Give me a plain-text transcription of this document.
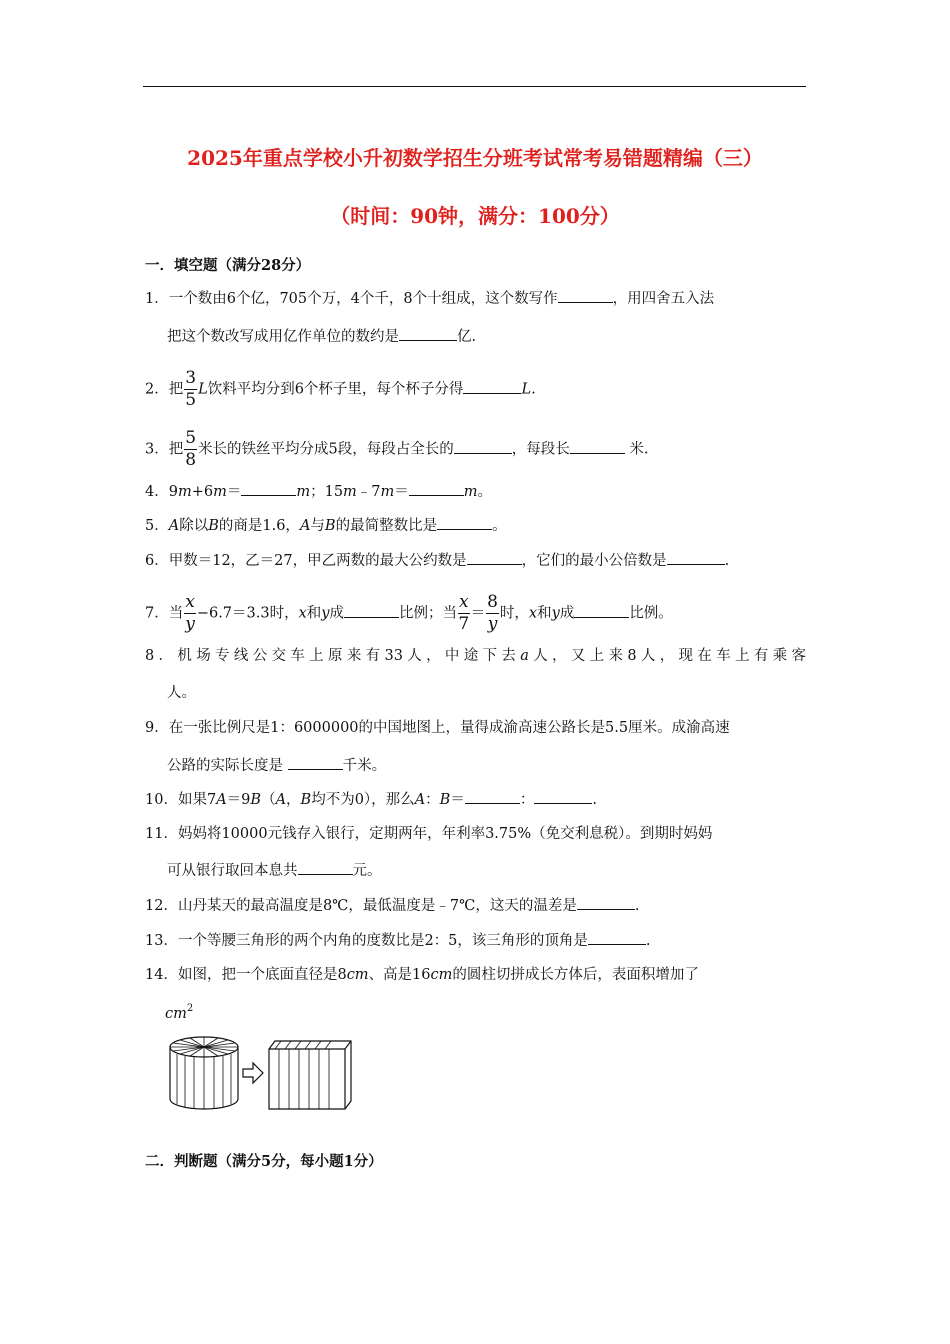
2025年重点学校小升初数学招生分班考试常考易错题精编（三）
（时间：90钟，满分：100分）
一．填空题（满分28分）
1．一个数由6个亿，705个万，4个千，8个十组成，这个数写作	，用四舍五入法
把这个数改写成用亿作单位的数约是	亿.
2．把 $\frac{3}{5}$ L饮料平均分到6个杯子里，每个杯子分得	L.
3．把 $\frac{5}{8}$ 米长的铁丝平均分成5段，每段占全长的	，每段长	米.
4．9m+6m＝	m；15m﹣7m＝	m。
5．A除以B的商是1.6，A与B的最简整数比是	。
6．甲数＝12，乙＝27，甲乙两数的最大公约数是	，它们的最小公倍数是	.
7．当 $\frac{x}{y} -6.7=3.3$时，x和y成	比例；当 $\frac{x}{7} = \frac{8}{y}$ 时，x和y成	比例。
8．机场专线公交车上原来有33人，中途下去a人，又上来8人，现在车上有乘客
人。
9．在一张比例尺是1：6000000的中国地图上，量得成渝高速公路长是5.5厘米。成渝高速
公路的实际长度是	千米。
10．如果7A＝9B（A，B均不为0），那么A：B＝	：	.
11．妈妈将10000元钱存入银行，定期两年，年利率3.75%（免交利息税）。到期时妈妈
可从银行取回本息共	元。
12．山丹某天的最高温度是8℃，最低温度是﹣7℃，这天的温差是	.
13．一个等腰三角形的两个内角的度数比是2：5，该三角形的顶角是	.
14．如图，把一个底面直径是8cm、高是16cm的圆柱切拼成长方体后，表面积增加了
$cm^2$
二．判断题（满分5分，每小题1分）
